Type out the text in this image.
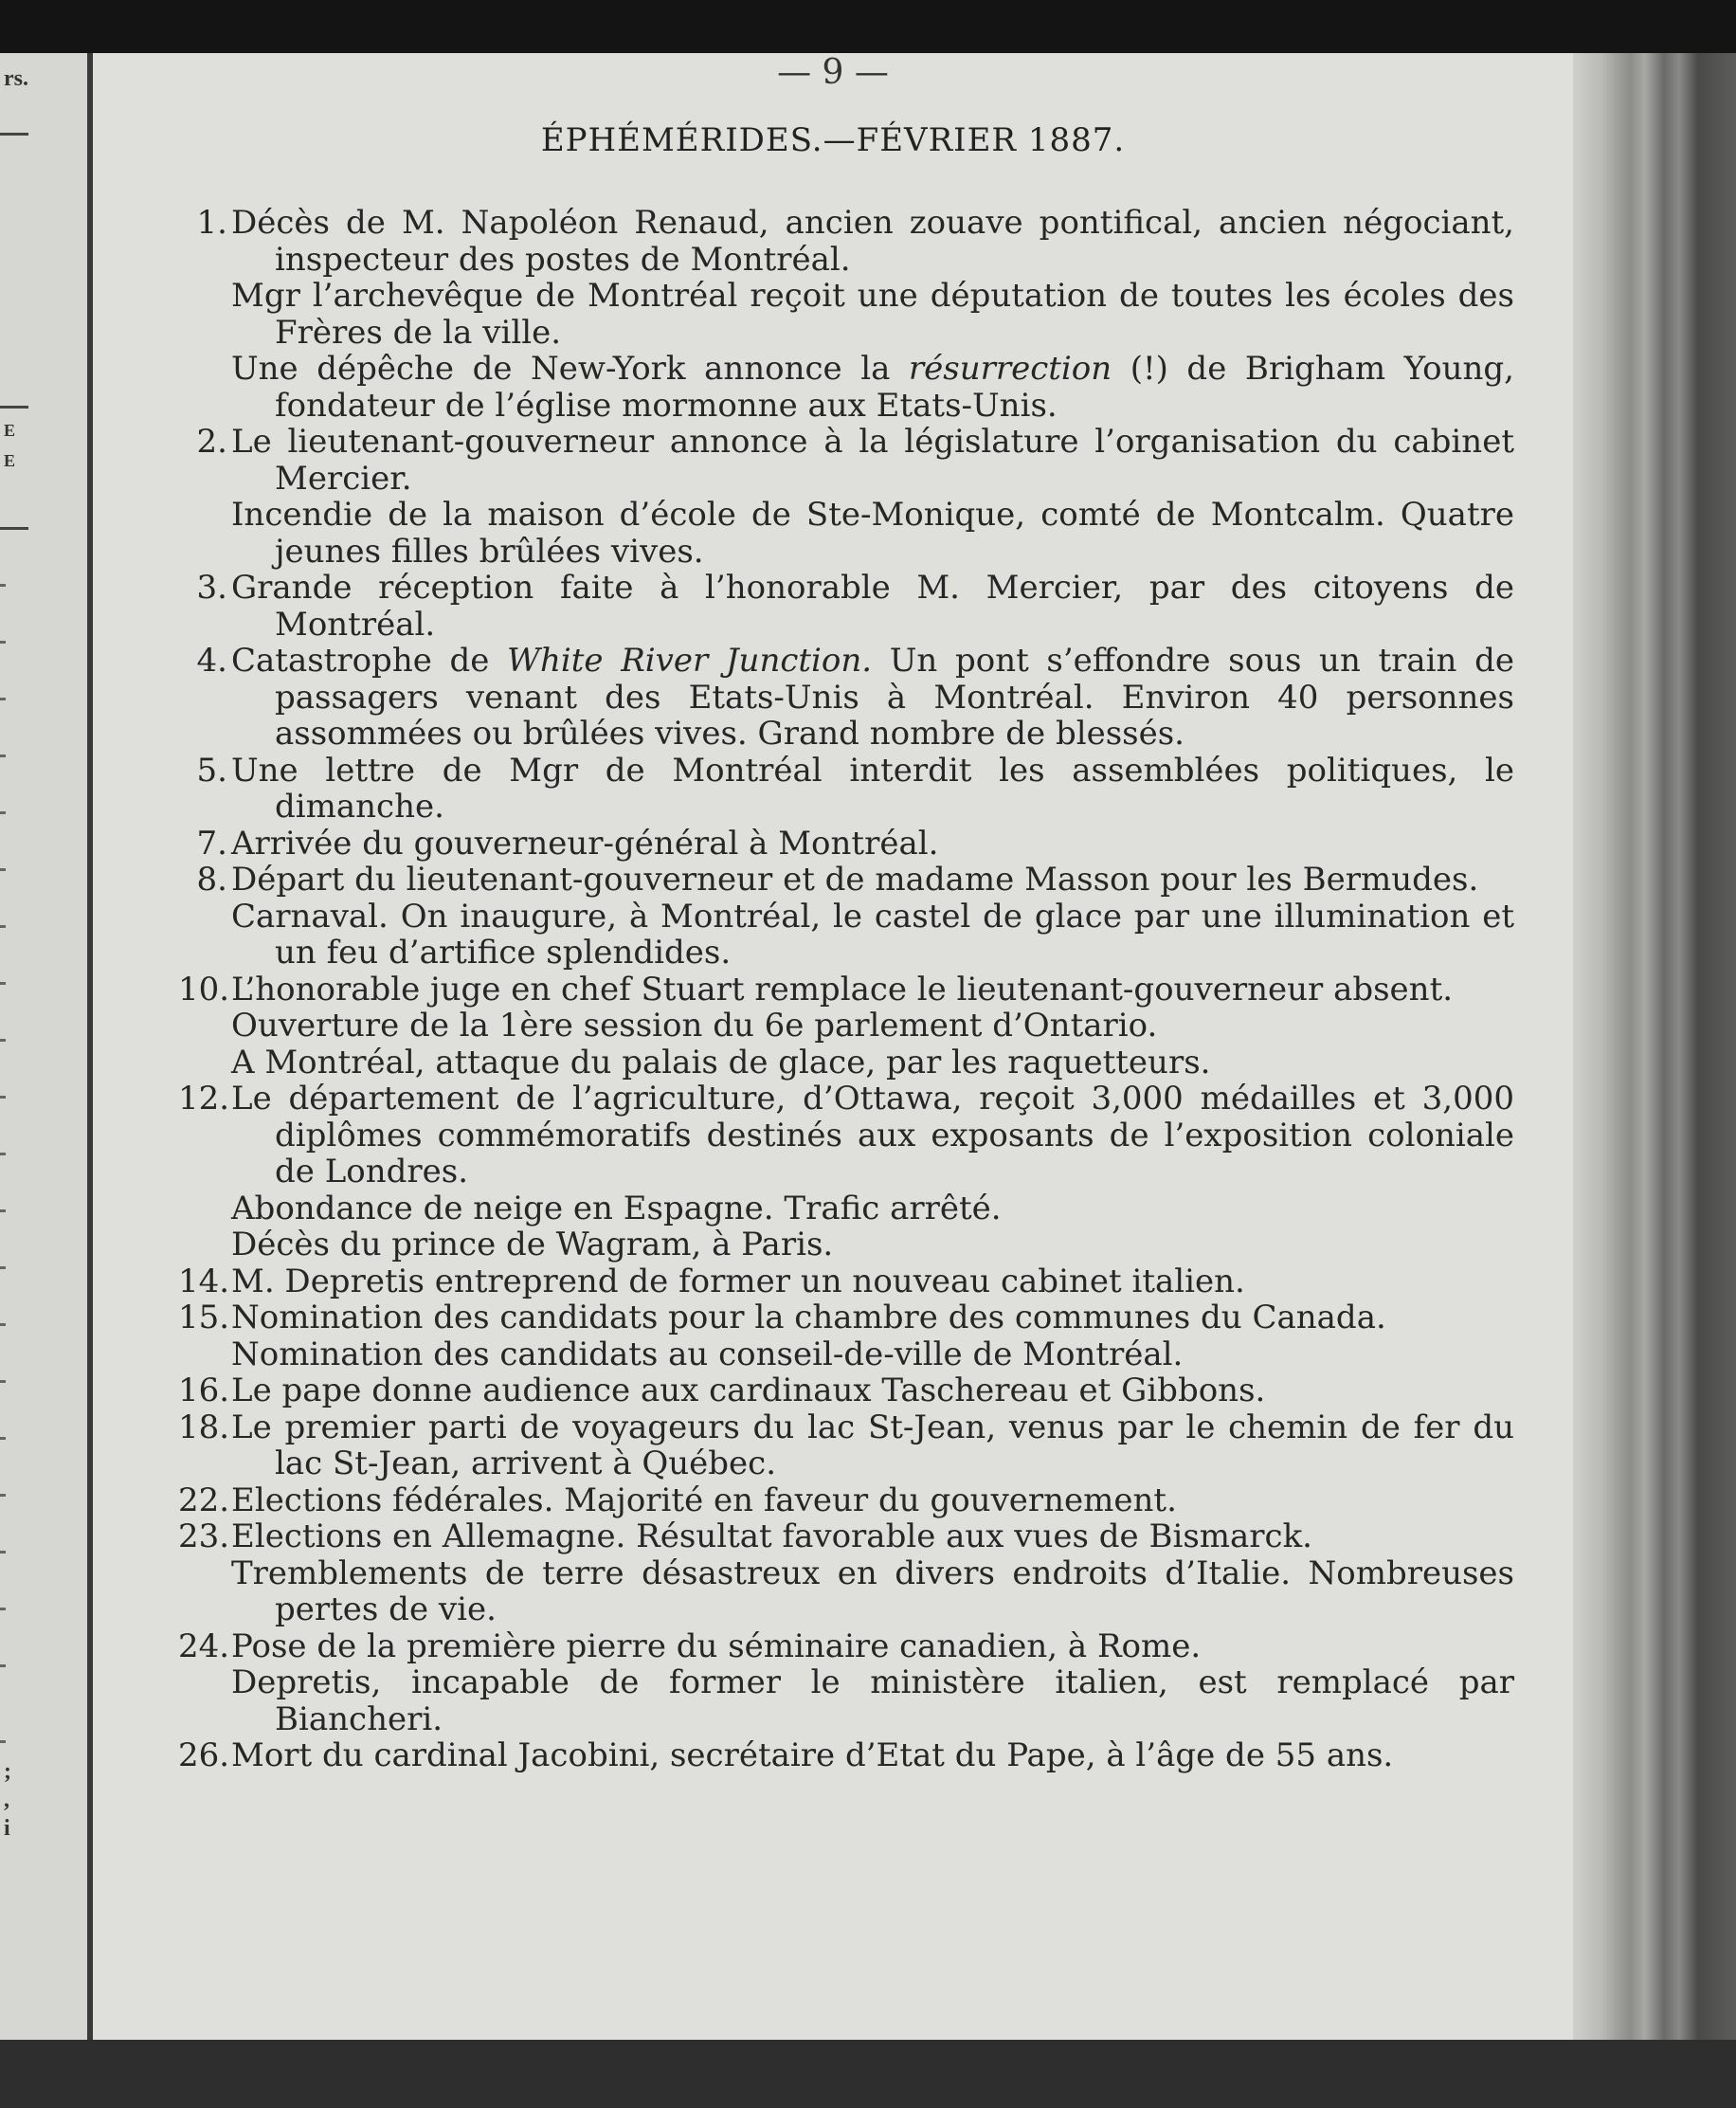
rs.
E
E
;
,
i
— 9 —
ÉPHÉMÉRIDES.—FÉVRIER 1887.
1. Décès de M. Napoléon Renaud, ancien zouave pontifical, ancien négociant, inspecteur des postes de Montréal.
Mgr l’archevêque de Montréal reçoit une députation de toutes les écoles des Frères de la ville.
Une dépêche de New-York annonce la résurrection (!) de Brigham Young, fondateur de l’église mormonne aux Etats-Unis.
2. Le lieutenant-gouverneur annonce à la législature l’organisation du cabinet Mercier.
Incendie de la maison d’école de Ste-Monique, comté de Montcalm. Quatre jeunes filles brûlées vives.
3. Grande réception faite à l’honorable M. Mercier, par des citoyens de Montréal.
4. Catastrophe de White River Junction. Un pont s’effondre sous un train de passagers venant des Etats-Unis à Montréal. Environ 40 personnes assommées ou brûlées vives. Grand nombre de blessés.
5. Une lettre de Mgr de Montréal interdit les assemblées politiques, le dimanche.
7. Arrivée du gouverneur-général à Montréal.
8. Départ du lieutenant-gouverneur et de madame Masson pour les Bermudes.
Carnaval. On inaugure, à Montréal, le castel de glace par une illumination et un feu d’artifice splendides.
10. L’honorable juge en chef Stuart remplace le lieutenant-gouverneur absent.
Ouverture de la 1ère session du 6e parlement d’Ontario.
A Montréal, attaque du palais de glace, par les raquetteurs.
12. Le département de l’agriculture, d’Ottawa, reçoit 3,000 médailles et 3,000 diplômes commémoratifs destinés aux exposants de l’exposition coloniale de Londres.
Abondance de neige en Espagne. Trafic arrêté.
Décès du prince de Wagram, à Paris.
14. M. Depretis entreprend de former un nouveau cabinet italien.
15. Nomination des candidats pour la chambre des communes du Canada.
Nomination des candidats au conseil-de-ville de Montréal.
16. Le pape donne audience aux cardinaux Taschereau et Gibbons.
18. Le premier parti de voyageurs du lac St-Jean, venus par le chemin de fer du lac St-Jean, arrivent à Québec.
22. Elections fédérales. Majorité en faveur du gouvernement.
23. Elections en Allemagne. Résultat favorable aux vues de Bismarck.
Tremblements de terre désastreux en divers endroits d’Italie. Nombreuses pertes de vie.
24. Pose de la première pierre du séminaire canadien, à Rome.
Depretis, incapable de former le ministère italien, est remplacé par Biancheri.
26. Mort du cardinal Jacobini, secrétaire d’Etat du Pape, à l’âge de 55 ans.
